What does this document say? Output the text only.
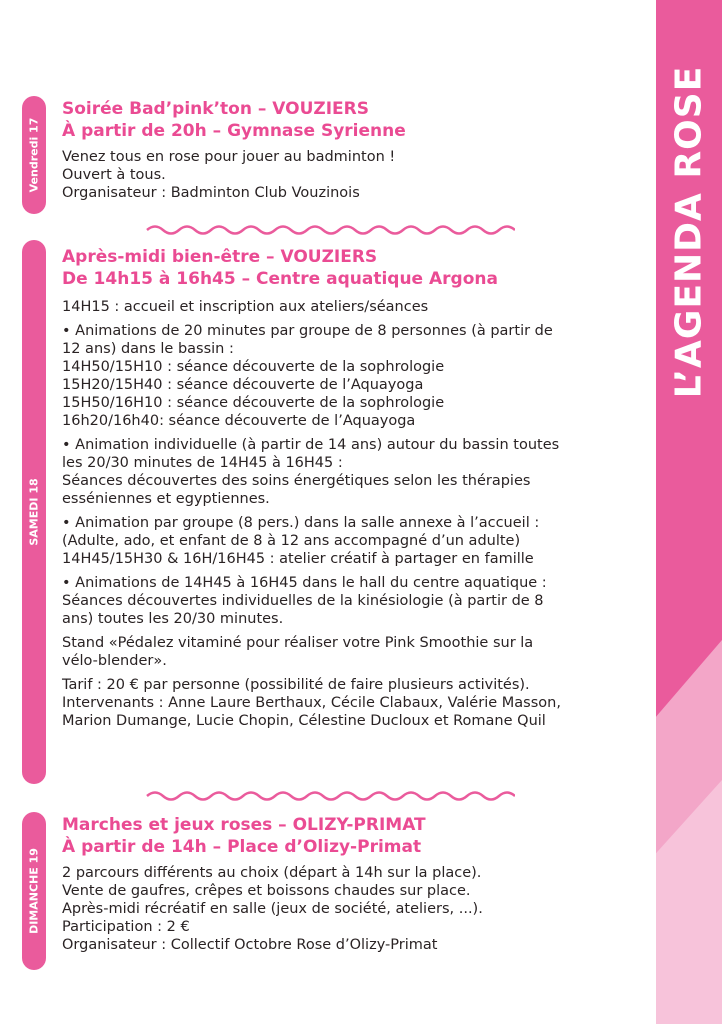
L’AGENDA ROSE
Vendredi 17
SAMEDI 18
DIMANCHE 19

Soirée Bad’pink’ton – VOUZIERS

À partir de 20h – Gymnase Syrienne

Venez tous en rose pour jouer au badminton !

Ouvert à tous.

Organisateur : Badminton Club Vouzinois

Après-midi bien-être – VOUZIERS

De 14h15 à 16h45 – Centre aquatique Argona

14H15 : accueil et inscription aux ateliers/séances

• Animations de 20 minutes par groupe de 8 personnes (à partir de

12 ans) dans le bassin :

14H50/15H10 : séance découverte de la sophrologie

15H20/15H40 : séance découverte de l’Aquayoga

15H50/16H10 : séance découverte de la sophrologie

16h20/16h40: séance découverte de l’Aquayoga

• Animation individuelle (à partir de 14 ans) autour du bassin toutes

les 20/30 minutes de 14H45 à 16H45 :

Séances découvertes des soins énergétiques selon les thérapies

esséniennes et egyptiennes.

• Animation par groupe (8 pers.) dans la salle annexe à l’accueil :

(Adulte, ado, et enfant de 8 à 12 ans accompagné d’un adulte)

14H45/15H30 & 16H/16H45 : atelier créatif à partager en famille

• Animations de 14H45 à 16H45 dans le hall du centre aquatique :

Séances découvertes individuelles de la kinésiologie (à partir de 8

ans) toutes les 20/30 minutes.

Stand «Pédalez vitaminé pour réaliser votre Pink Smoothie sur la

vélo-blender».

Tarif : 20 € par personne (possibilité de faire plusieurs activités).

Intervenants : Anne Laure Berthaux, Cécile Clabaux, Valérie Masson,

Marion Dumange, Lucie Chopin, Célestine Ducloux et Romane Quil

Marches et jeux roses – OLIZY-PRIMAT

À partir de 14h – Place d’Olizy-Primat

2 parcours différents au choix (départ à 14h sur la place).

Vente de gaufres, crêpes et boissons chaudes sur place.

Après-midi récréatif en salle (jeux de société, ateliers, ...).

Participation : 2 €

Organisateur : Collectif Octobre Rose d’Olizy-Primat
